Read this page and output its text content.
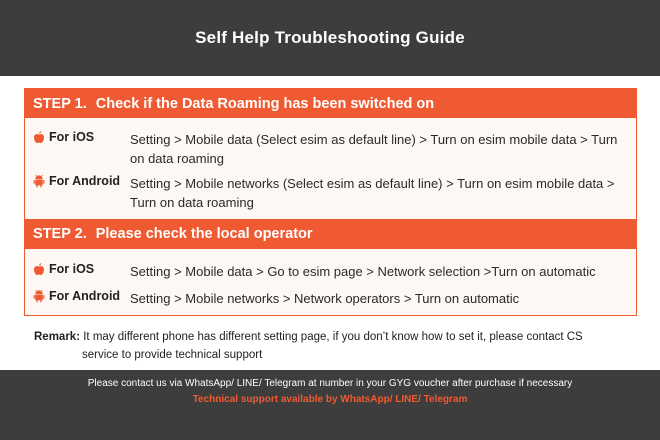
Self Help Troubleshooting Guide
STEP 1. Check if the Data Roaming has been switched on
For iOS	Setting > Mobile data (Select esim as default line) > Turn on esim mobile data > Turn on data roaming
For Android Setting > Mobile networks (Select esim as default line) > Turn on esim mobile data > Turn on data roaming
STEP 2. Please check the local operator
For iOS	Setting > Mobile data > Go to esim page > Network selection >Turn on automatic
For Android Setting > Mobile networks > Network operators > Turn on automatic
Remark: It may different phone has different setting page, if you don’t know how to set it, please contact CS
service to provide technical support
Please contact us via WhatsApp/ LINE/ Telegram at number in your GYG voucher after purchase if necessary
Technical support available by WhatsApp/ LINE/ Telegram
